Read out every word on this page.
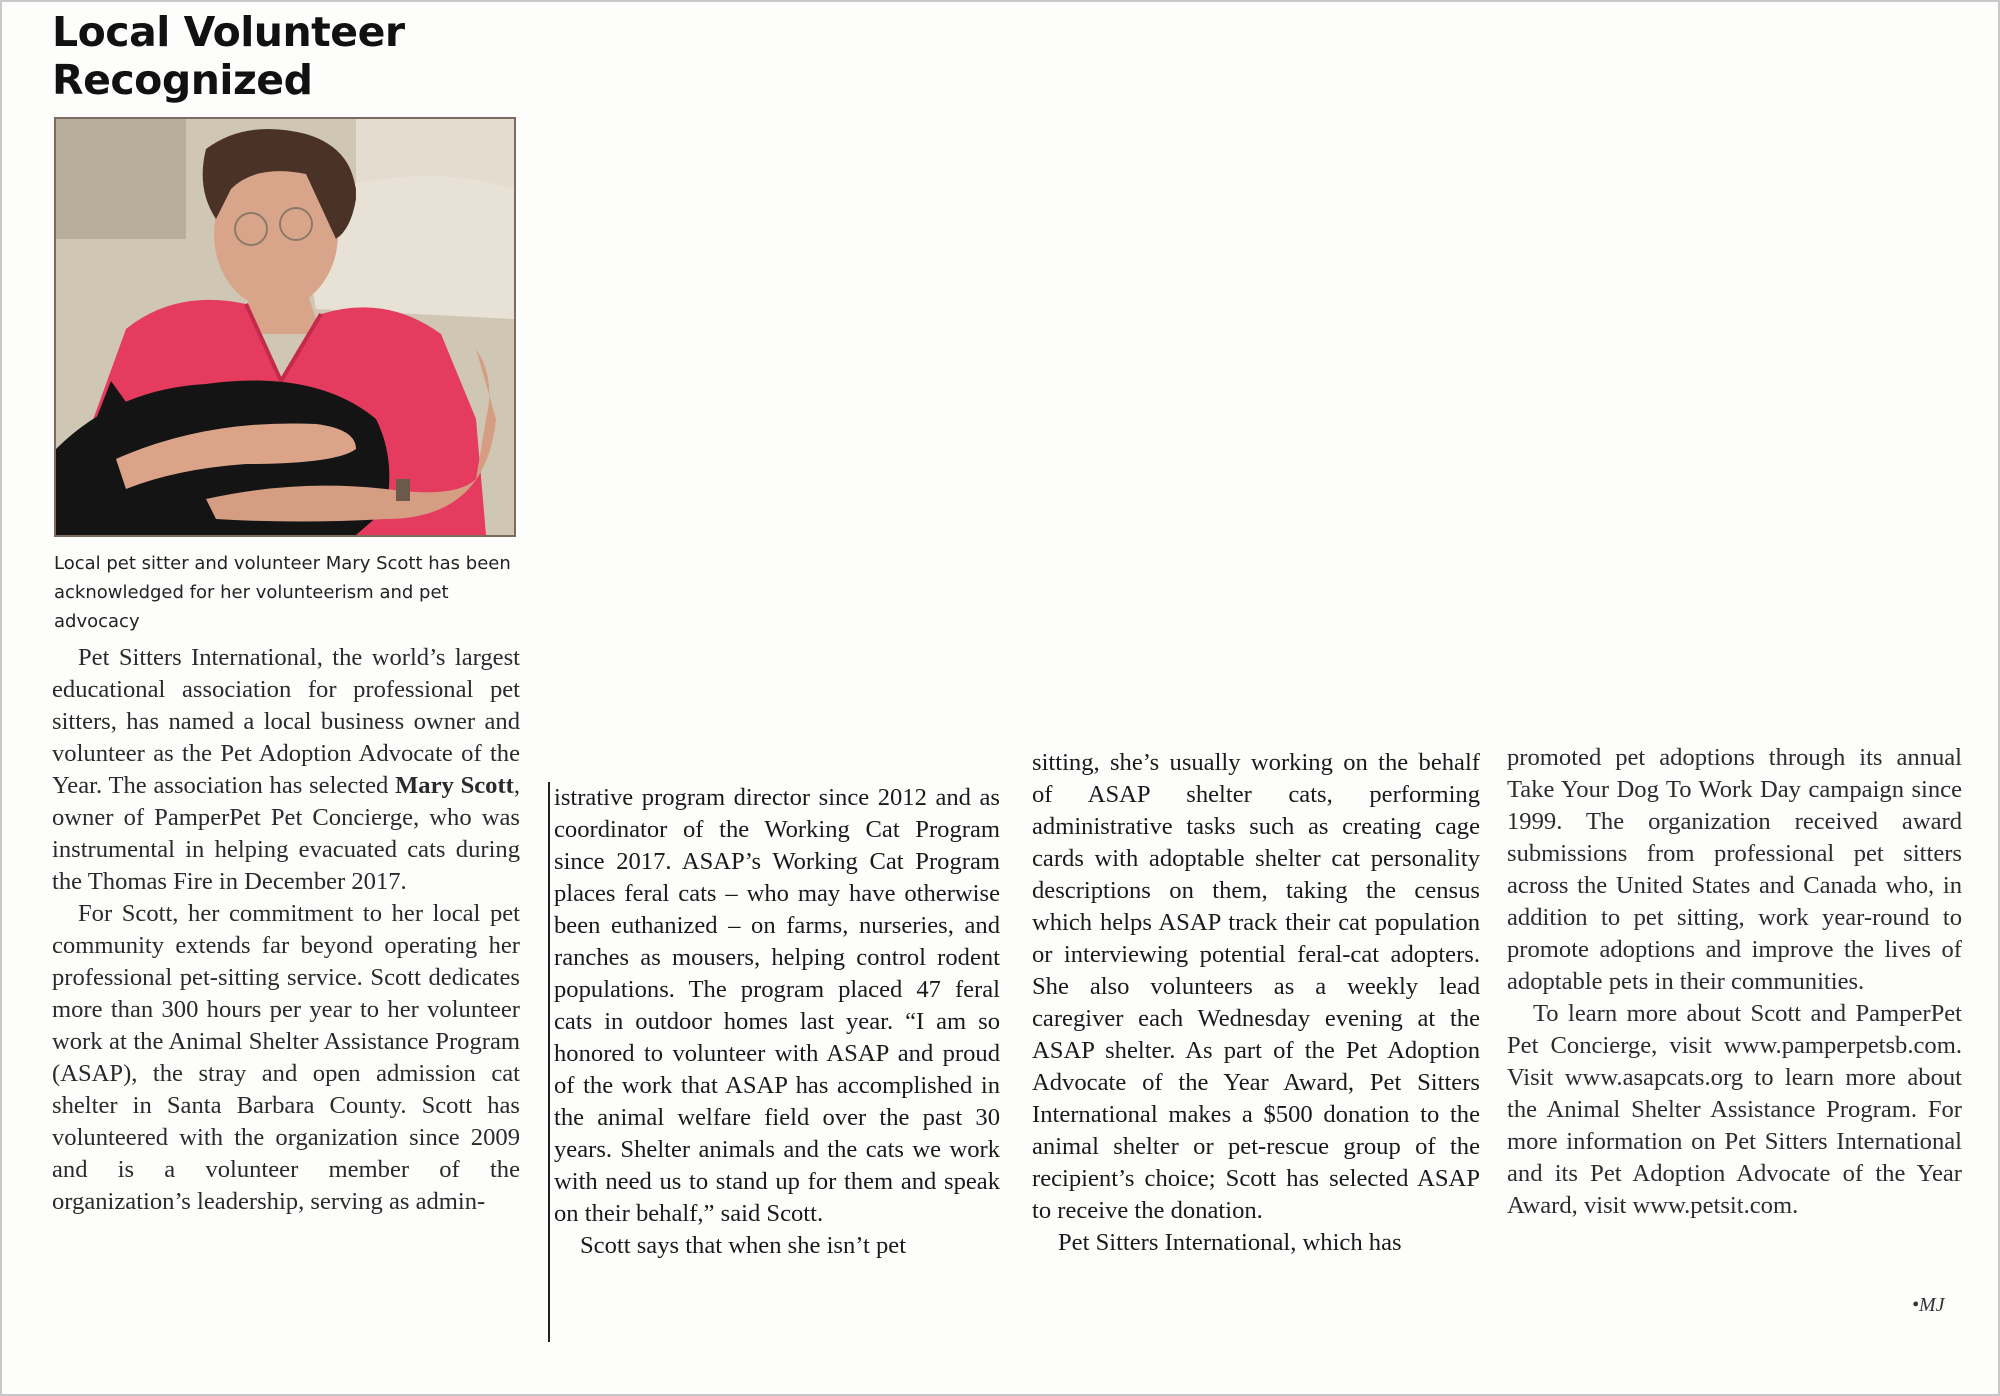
Local Volunteer Recognized
Local pet sitter and volunteer Mary Scott has been acknowledged for her volunteerism and pet advocacy

Pet Sitters International, the world’s largest educational association for professional pet sitters, has named a local business owner and volunteer as the Pet Adoption Advocate of the Year. The association has selected Mary Scott, owner of PamperPet Pet Concierge, who was instrumental in helping evacuated cats during the Thomas Fire in December 2017.

For Scott, her commitment to her local pet community extends far beyond operating her professional pet-sitting service. Scott dedicates more than 300 hours per year to her volunteer work at the Animal Shelter Assistance Program (ASAP), the stray and open admission cat shelter in Santa Barbara County. Scott has volunteered with the organization since 2009 and is a volunteer member of the organization’s leadership, serving as admin-

istrative program director since 2012 and as coordinator of the Working Cat Program since 2017. ASAP’s Working Cat Program places feral cats – who may have otherwise been euthanized – on farms, nurseries, and ranches as mousers, helping control rodent populations. The program placed 47 feral cats in outdoor homes last year. “I am so honored to volunteer with ASAP and proud of the work that ASAP has accomplished in the animal welfare field over the past 30 years. Shelter animals and the cats we work with need us to stand up for them and speak on their behalf,” said Scott.

Scott says that when she isn’t pet

sitting, she’s usually working on the behalf of ASAP shelter cats, performing administrative tasks such as creating cage cards with adoptable shelter cat personality descriptions on them, taking the census which helps ASAP track their cat population or interviewing potential feral-cat adopters. She also volunteers as a weekly lead caregiver each Wednesday evening at the ASAP shelter. As part of the Pet Adoption Advocate of the Year Award, Pet Sitters International makes a $500 donation to the animal shelter or pet-rescue group of the recipient’s choice; Scott has selected ASAP to receive the donation.

Pet Sitters International, which has

promoted pet adoptions through its annual Take Your Dog To Work Day campaign since 1999. The organization received award submissions from professional pet sitters across the United States and Canada who, in addition to pet sitting, work year-round to promote adoptions and improve the lives of adoptable pets in their communities.

To learn more about Scott and PamperPet Pet Concierge, visit www.pamperpetsb.com. Visit www.asapcats.org to learn more about the Animal Shelter Assistance Program. For more information on Pet Sitters International and its Pet Adoption Advocate of the Year Award, visit www.petsit.com.

•MJ
